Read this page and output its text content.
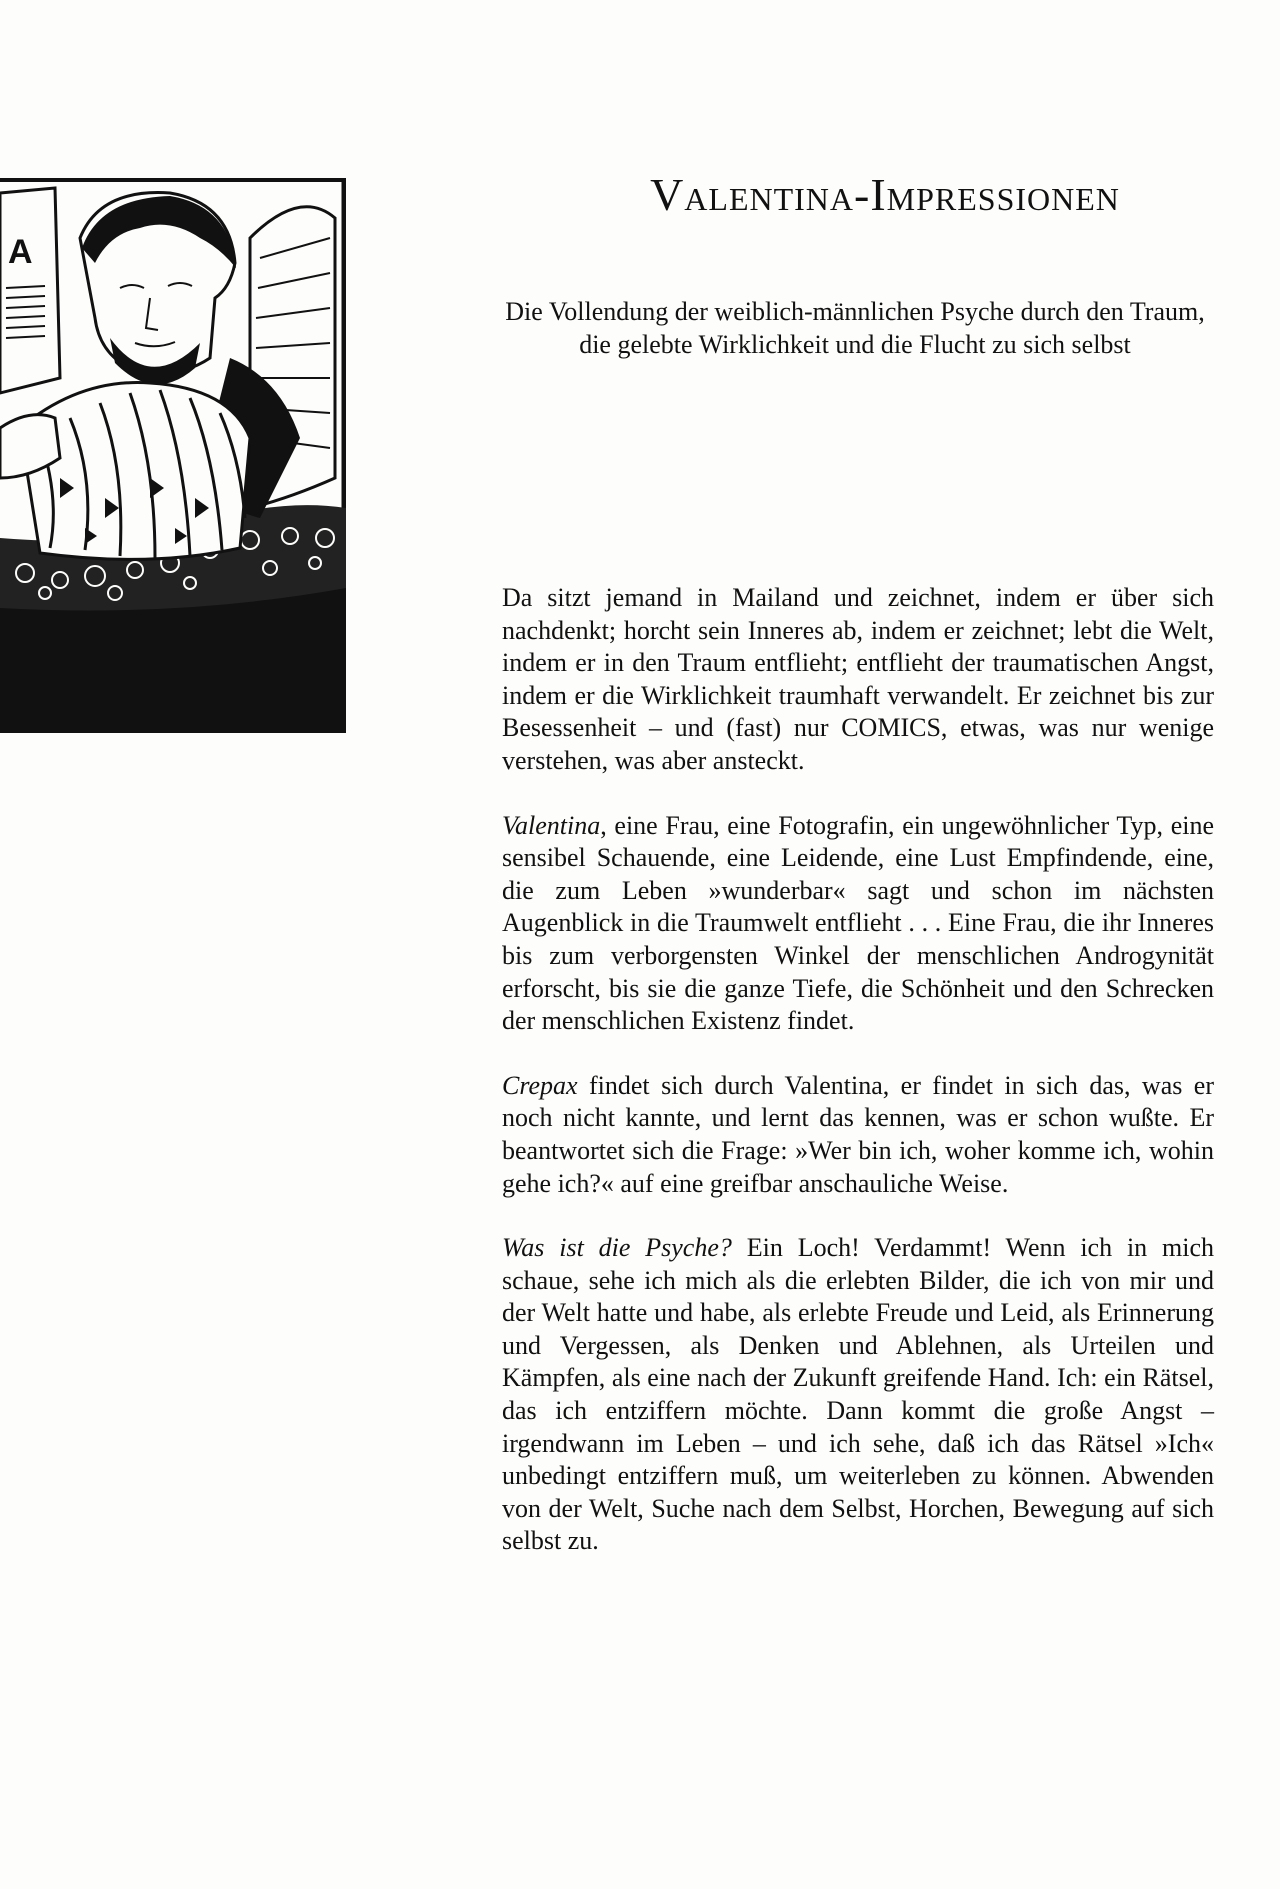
A
Valentina-Impressionen

Die Vollendung der weiblich-männlichen Psyche durch den Traum, die gelebte Wirklichkeit und die Flucht zu sich selbst

Da sitzt jemand in Mailand und zeichnet, indem er über sich nachdenkt; horcht sein Inneres ab, indem er zeichnet; lebt die Welt, indem er in den Traum entflieht; entflieht der traumatischen Angst, indem er die Wirklichkeit traumhaft verwandelt. Er zeichnet bis zur Besessenheit – und (fast) nur COMICS, etwas, was nur wenige verstehen, was aber ansteckt.

Valentina, eine Frau, eine Fotografin, ein ungewöhnlicher Typ, eine sensibel Schauende, eine Leidende, eine Lust Empfindende, eine, die zum Leben »wunderbar« sagt und schon im nächsten Augenblick in die Traumwelt entflieht . . . Eine Frau, die ihr Inneres bis zum verborgensten Winkel der menschlichen Androgynität erforscht, bis sie die ganze Tiefe, die Schönheit und den Schrecken der menschlichen Existenz findet.

Crepax findet sich durch Valentina, er findet in sich das, was er noch nicht kannte, und lernt das kennen, was er schon wußte. Er beantwortet sich die Frage: »Wer bin ich, woher komme ich, wohin gehe ich?« auf eine greifbar anschauliche Weise.

Was ist die Psyche? Ein Loch! Verdammt! Wenn ich in mich schaue, sehe ich mich als die erlebten Bilder, die ich von mir und der Welt hatte und habe, als erlebte Freude und Leid, als Erinnerung und Vergessen, als Denken und Ablehnen, als Urteilen und Kämpfen, als eine nach der Zukunft greifende Hand. Ich: ein Rätsel, das ich entziffern möchte. Dann kommt die große Angst – irgendwann im Leben – und ich sehe, daß ich das Rätsel »Ich« unbedingt entziffern muß, um weiterleben zu können. Abwenden von der Welt, Suche nach dem Selbst, Horchen, Bewegung auf sich selbst zu.
